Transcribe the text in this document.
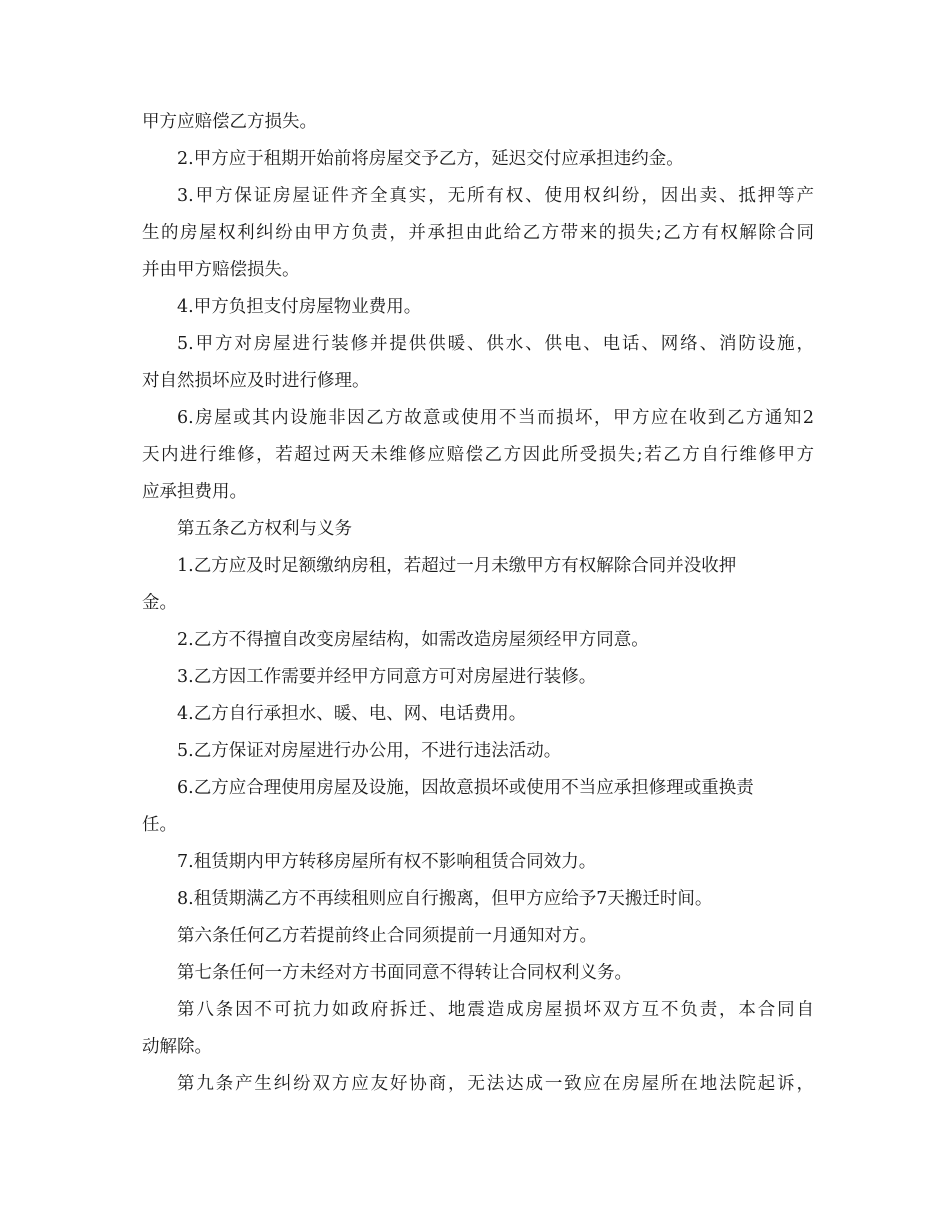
甲方应赔偿乙方损失。
2.甲方应于租期开始前将房屋交予乙方，延迟交付应承担违约金。
3.甲方保证房屋证件齐全真实，无所有权、使用权纠纷，因出卖、抵押等产
生的房屋权利纠纷由甲方负责，并承担由此给乙方带来的损失;乙方有权解除合同
并由甲方赔偿损失。
4.甲方负担支付房屋物业费用。
5.甲方对房屋进行装修并提供供暖、供水、供电、电话、网络、消防设施，
对自然损坏应及时进行修理。
6.房屋或其内设施非因乙方故意或使用不当而损坏，甲方应在收到乙方通知2
天内进行维修，若超过两天未维修应赔偿乙方因此所受损失;若乙方自行维修甲方
应承担费用。
第五条乙方权利与义务
1.乙方应及时足额缴纳房租，若超过一月未缴甲方有权解除合同并没收押
金。
2.乙方不得擅自改变房屋结构，如需改造房屋须经甲方同意。
3.乙方因工作需要并经甲方同意方可对房屋进行装修。
4.乙方自行承担水、暖、电、网、电话费用。
5.乙方保证对房屋进行办公用，不进行违法活动。
6.乙方应合理使用房屋及设施，因故意损坏或使用不当应承担修理或重换责
任。
7.租赁期内甲方转移房屋所有权不影响租赁合同效力。
8.租赁期满乙方不再续租则应自行搬离，但甲方应给予7天搬迁时间。
第六条任何乙方若提前终止合同须提前一月通知对方。
第七条任何一方未经对方书面同意不得转让合同权利义务。
第八条因不可抗力如政府拆迁、地震造成房屋损坏双方互不负责，本合同自
动解除。
第九条产生纠纷双方应友好协商，无法达成一致应在房屋所在地法院起诉，
